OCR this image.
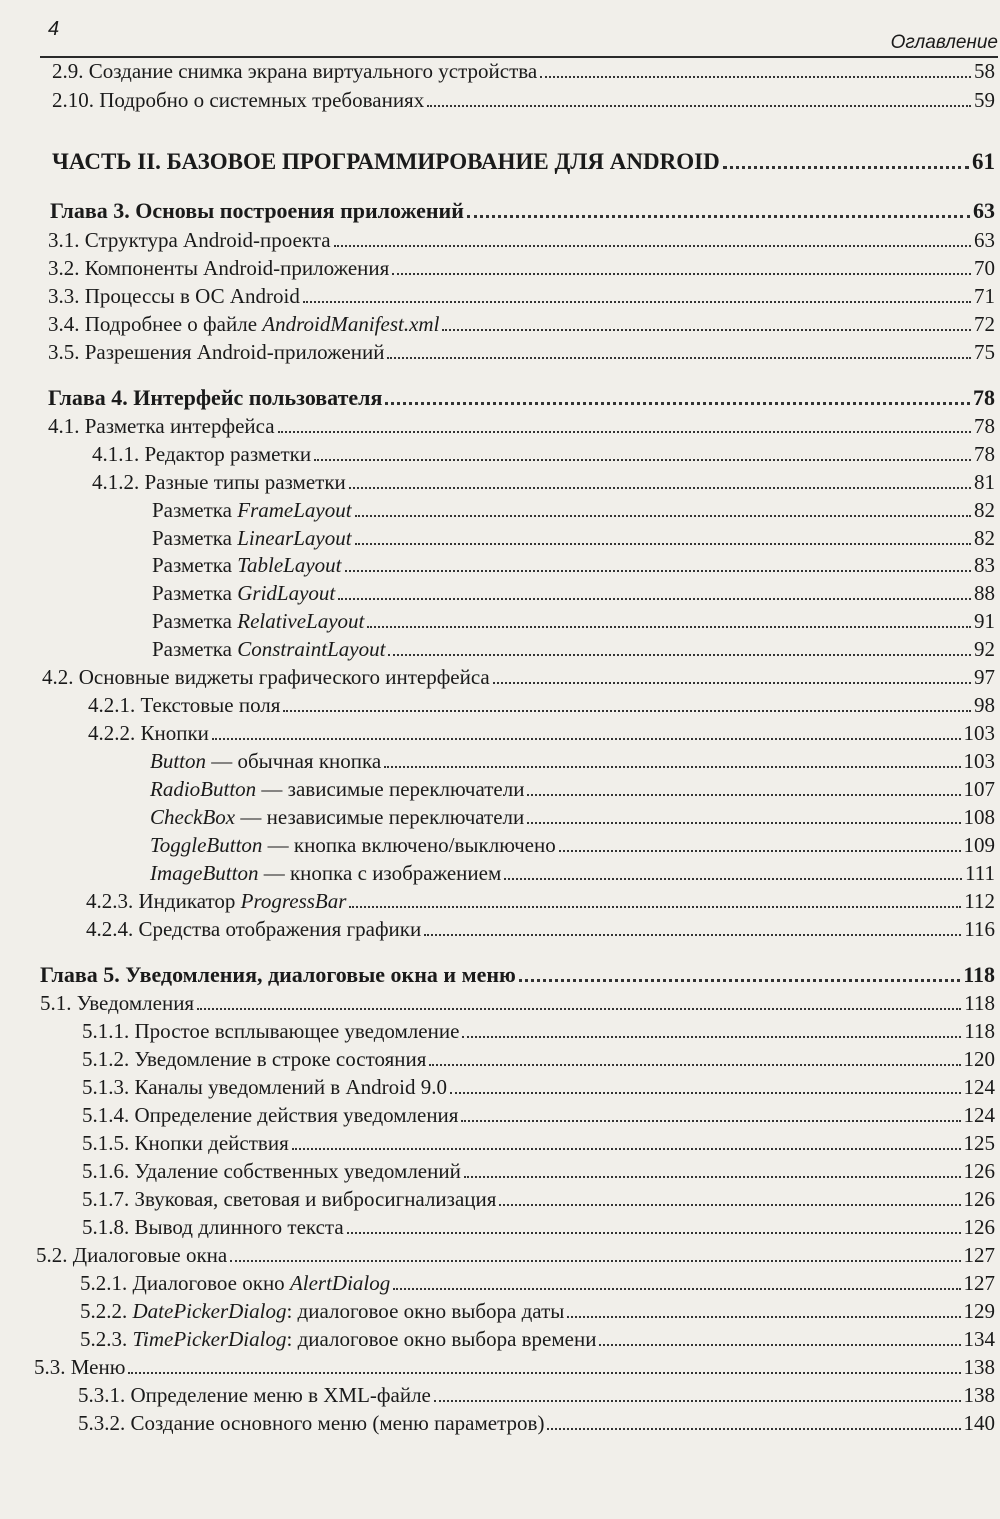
4
Оглавление
2.9. Создание снимка экрана виртуального устройства	58
2.10. Подробно о системных требованиях	59
ЧАСТЬ II. БАЗОВОЕ ПРОГРАММИРОВАНИЕ ДЛЯ ANDROID	61
Глава 3. Основы построения приложений	63
3.1. Структура Android-проекта	63
3.2. Компоненты Android-приложения	70
3.3. Процессы в ОС Android	71
3.4. Подробнее о файле AndroidManifest.xml	72
3.5. Разрешения Android-приложений	75
Глава 4. Интерфейс пользователя	78
4.1. Разметка интерфейса	78
4.1.1. Редактор разметки	78
4.1.2. Разные типы разметки	81
Разметка FrameLayout	82
Разметка LinearLayout	82
Разметка TableLayout	83
Разметка GridLayout	88
Разметка RelativeLayout	91
Разметка ConstraintLayout	92
4.2. Основные виджеты графического интерфейса	97
4.2.1. Текстовые поля	98
4.2.2. Кнопки	103
Button — обычная кнопка	103
RadioButton — зависимые переключатели	107
CheckBox — независимые переключатели	108
ToggleButton — кнопка включено/выключено	109
ImageButton — кнопка с изображением	111
4.2.3. Индикатор ProgressBar	112
4.2.4. Средства отображения графики	116
Глава 5. Уведомления, диалоговые окна и меню	118
5.1. Уведомления	118
5.1.1. Простое всплывающее уведомление	118
5.1.2. Уведомление в строке состояния	120
5.1.3. Каналы уведомлений в Android 9.0	124
5.1.4. Определение действия уведомления	124
5.1.5. Кнопки действия	125
5.1.6. Удаление собственных уведомлений	126
5.1.7. Звуковая, световая и вибросигнализация	126
5.1.8. Вывод длинного текста	126
5.2. Диалоговые окна	127
5.2.1. Диалоговое окно AlertDialog	127
5.2.2. DatePickerDialog: диалоговое окно выбора даты	129
5.2.3. TimePickerDialog: диалоговое окно выбора времени	134
5.3. Меню	138
5.3.1. Определение меню в XML-файле	138
5.3.2. Создание основного меню (меню параметров)	140
